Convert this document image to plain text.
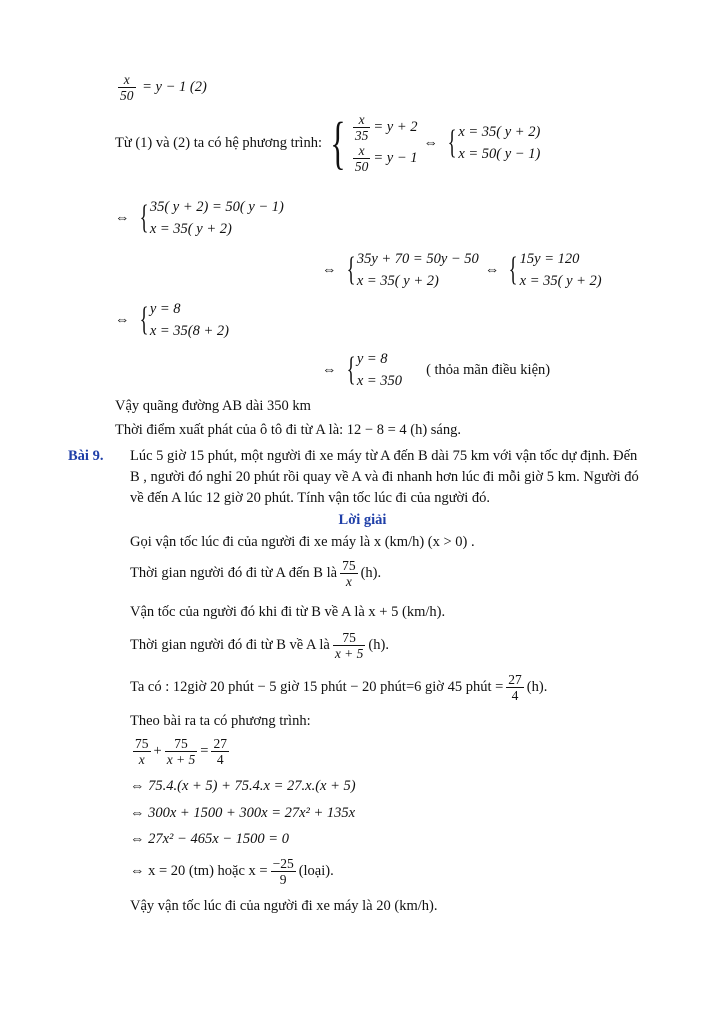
$\frac{x}{50} = y - 1$ (2)
Từ (1) và (2) ta có hệ phương trình: { $\frac{x}{35} = y + 2$
$\frac{x}{50} = y - 1$
⇔ { x = 35( y + 2)
x = 50( y − 1)
⇔ { 35( y + 2) = 50( y − 1)
x = 35( y + 2)
⇔ { 35y + 70 = 50y − 50
x = 35( y + 2)
⇔ { 15y = 120
x = 35( y + 2)
⇔ { y = 8
x = 35(8 + 2)
⇔ { y = 8
x = 350
( thỏa mãn điều kiện)
Vậy quãng đường AB dài 350 km
Thời điểm xuất phát của ô tô đi từ A là: 12 − 8 = 4 (h) sáng.
Bài 9. Lúc 5 giờ 15 phút, một người đi xe máy từ A đến B dài 75 km với vận tốc dự định. Đến
B , người đó nghỉ 20 phút rồi quay về A và đi nhanh hơn lúc đi mỗi giờ 5 km. Người đó
về đến A lúc 12 giờ 20 phút. Tính vận tốc lúc đi của người đó.
Lời giải
Gọi vận tốc lúc đi của người đi xe máy là x (km/h) (x > 0) .
Thời gian người đó đi từ A đến B là $\frac{75}{x} (h)$.
Vận tốc của người đó khi đi từ B về A là x + 5 (km/h).
Thời gian người đó đi từ B về A là $\frac{75}{x + 5} (h)$.
Ta có : 12giờ 20 phút − 5 giờ 15 phút − 20 phút=6 giờ 45 phút = $\frac{27}{4} (h)$.
Theo bài ra ta có phương trình:
$\frac{75}{x} + \frac{75}{x + 5} = \frac{27}{4}$
⇔ 75.4.(x + 5) + 75.4.x = 27.x.(x + 5)
⇔ 300x + 1500 + 300x = 27x² + 135x
⇔ 27x² − 465x − 1500 = 0
⇔ x = 20 (tm) hoặc $x = \frac{-25}{9}$ (loại).
Vậy vận tốc lúc đi của người đi xe máy là 20 (km/h).
